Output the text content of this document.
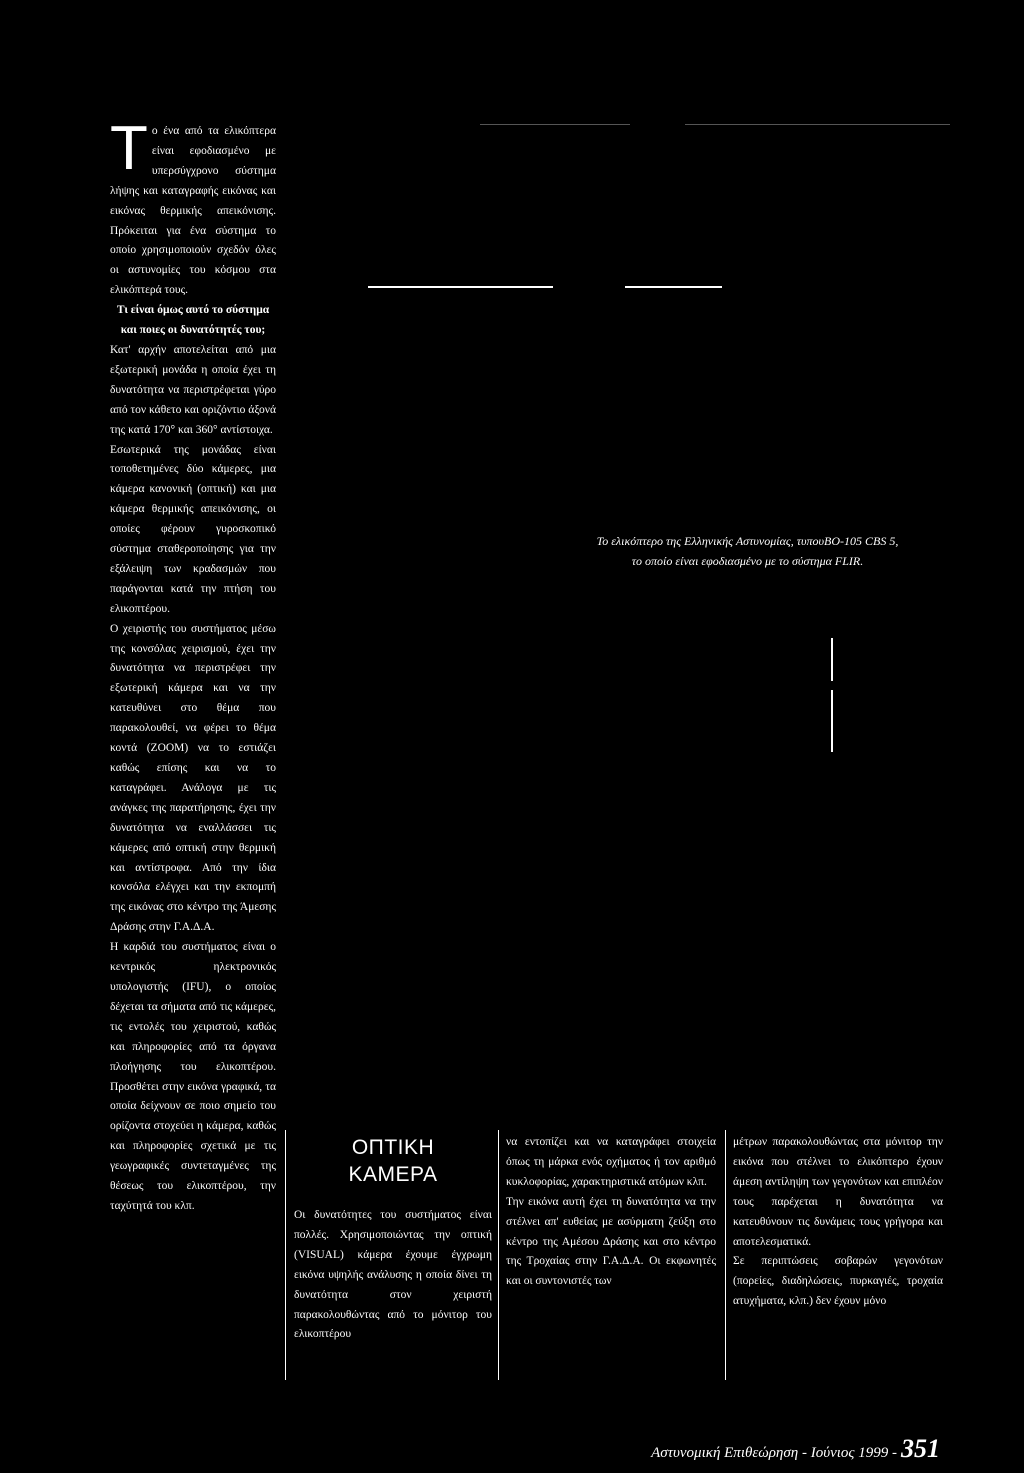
Το ένα από τα ελικόπτερα είναι εφοδιασμένο με υπερσύγχρονο σύστημα λήψης και καταγραφής εικόνας και εικόνας θερμικής απεικόνισης. Πρόκειται για ένα σύστημα το οποίο χρησιμοποιούν σχεδόν όλες οι αστυνομίες του κόσμου στα ελικόπτερά τους.

Τι είναι όμως αυτό το σύστημα και ποιες οι δυνατότητές του;

Κατ' αρχήν αποτελείται από μια εξωτερική μονάδα η οποία έχει τη δυνατότητα να περιστρέφεται γύρο από τον κάθετο και οριζόντιο άξονά της κατά 170° και 360° αντίστοιχα.

Εσωτερικά της μονάδας είναι τοποθετημένες δύο κάμερες, μια κάμερα κανονική (οπτική) και μια κάμερα θερμικής απεικόνισης, οι οποίες φέρουν γυροσκοπικό σύστημα σταθεροποίησης για την εξάλειψη των κραδασμών που παράγονται κατά την πτήση του ελικοπτέρου.

Ο χειριστής του συστήματος μέσω της κονσόλας χειρισμού, έχει την δυνατότητα να περιστρέφει την εξωτερική κάμερα και να την κατευθύνει στο θέμα που παρακολουθεί, να φέρει το θέμα κοντά (ZOOM) να το εστιάζει καθώς επίσης και να το καταγράφει. Ανάλογα με τις ανάγκες της παρατήρησης, έχει την δυνατότητα να εναλλάσσει τις κάμερες από οπτική στην θερμική και αντίστροφα. Από την ίδια κονσόλα ελέγχει και την εκπομπή της εικόνας στο κέντρο της Άμεσης Δράσης στην Γ.Α.Δ.Α.

Η καρδιά του συστήματος είναι ο κεντρικός ηλεκτρονικός υπολογιστής (IFU), ο οποίος δέχεται τα σήματα από τις κάμερες, τις εντολές του χειριστού, καθώς και πληροφορίες από τα όργανα πλοήγησης του ελικοπτέρου. Προσθέτει στην εικόνα γραφικά, τα οποία δείχνουν σε ποιο σημείο του ορίζοντα στοχεύει η κάμερα, καθώς και πληροφορίες σχετικά με τις γεωγραφικές συντεταγμένες της θέσεως του ελικοπτέρου, την ταχύτητά του κλπ.

Το ελικόπτερο της Ελληνικής Αστυνομίας, τυπουΒΟ-105 CBS 5,
το οποίο είναι εφοδιασμένο με το σύστημα FLIR.
ΟΠΤΙΚΗ
ΚΑΜΕΡΑ

Οι δυνατότητες του συστήματος είναι πολλές. Χρησιμοποιώντας την οπτική (VISUAL) κάμερα έχουμε έγχρωμη εικόνα υψηλής ανάλυσης η οποία δίνει τη δυνατότητα στον χειριστή παρακολουθώντας από το μόνιτορ του ελικοπτέρου

να εντοπίζει και να καταγράφει στοιχεία όπως τη μάρκα ενός οχήματος ή τον αριθμό κυκλοφορίας, χαρακτηριστικά ατόμων κλπ.

Την εικόνα αυτή έχει τη δυνατότητα να την στέλνει απ' ευθείας με ασύρματη ζεύξη στο κέντρο της Αμέσου Δράσης και στο κέντρο της Τροχαίας στην Γ.Α.Δ.Α. Οι εκφωνητές και οι συντονιστές των

μέτρων παρακολουθώντας στα μόνιτορ την εικόνα που στέλνει το ελικόπτερο έχουν άμεση αντίληψη των γεγονότων και επιπλέον τους παρέχεται η δυνατότητα να κατευθύνουν τις δυνάμεις τους γρήγορα και αποτελεσματικά.

Σε περιπτώσεις σοβαρών γεγονότων (πορείες, διαδηλώσεις, πυρκαγιές, τροχαία ατυχήματα, κλπ.) δεν έχουν μόνο

Αστυνομική Επιθεώρηση - Ιούνιος 1999 - 351
